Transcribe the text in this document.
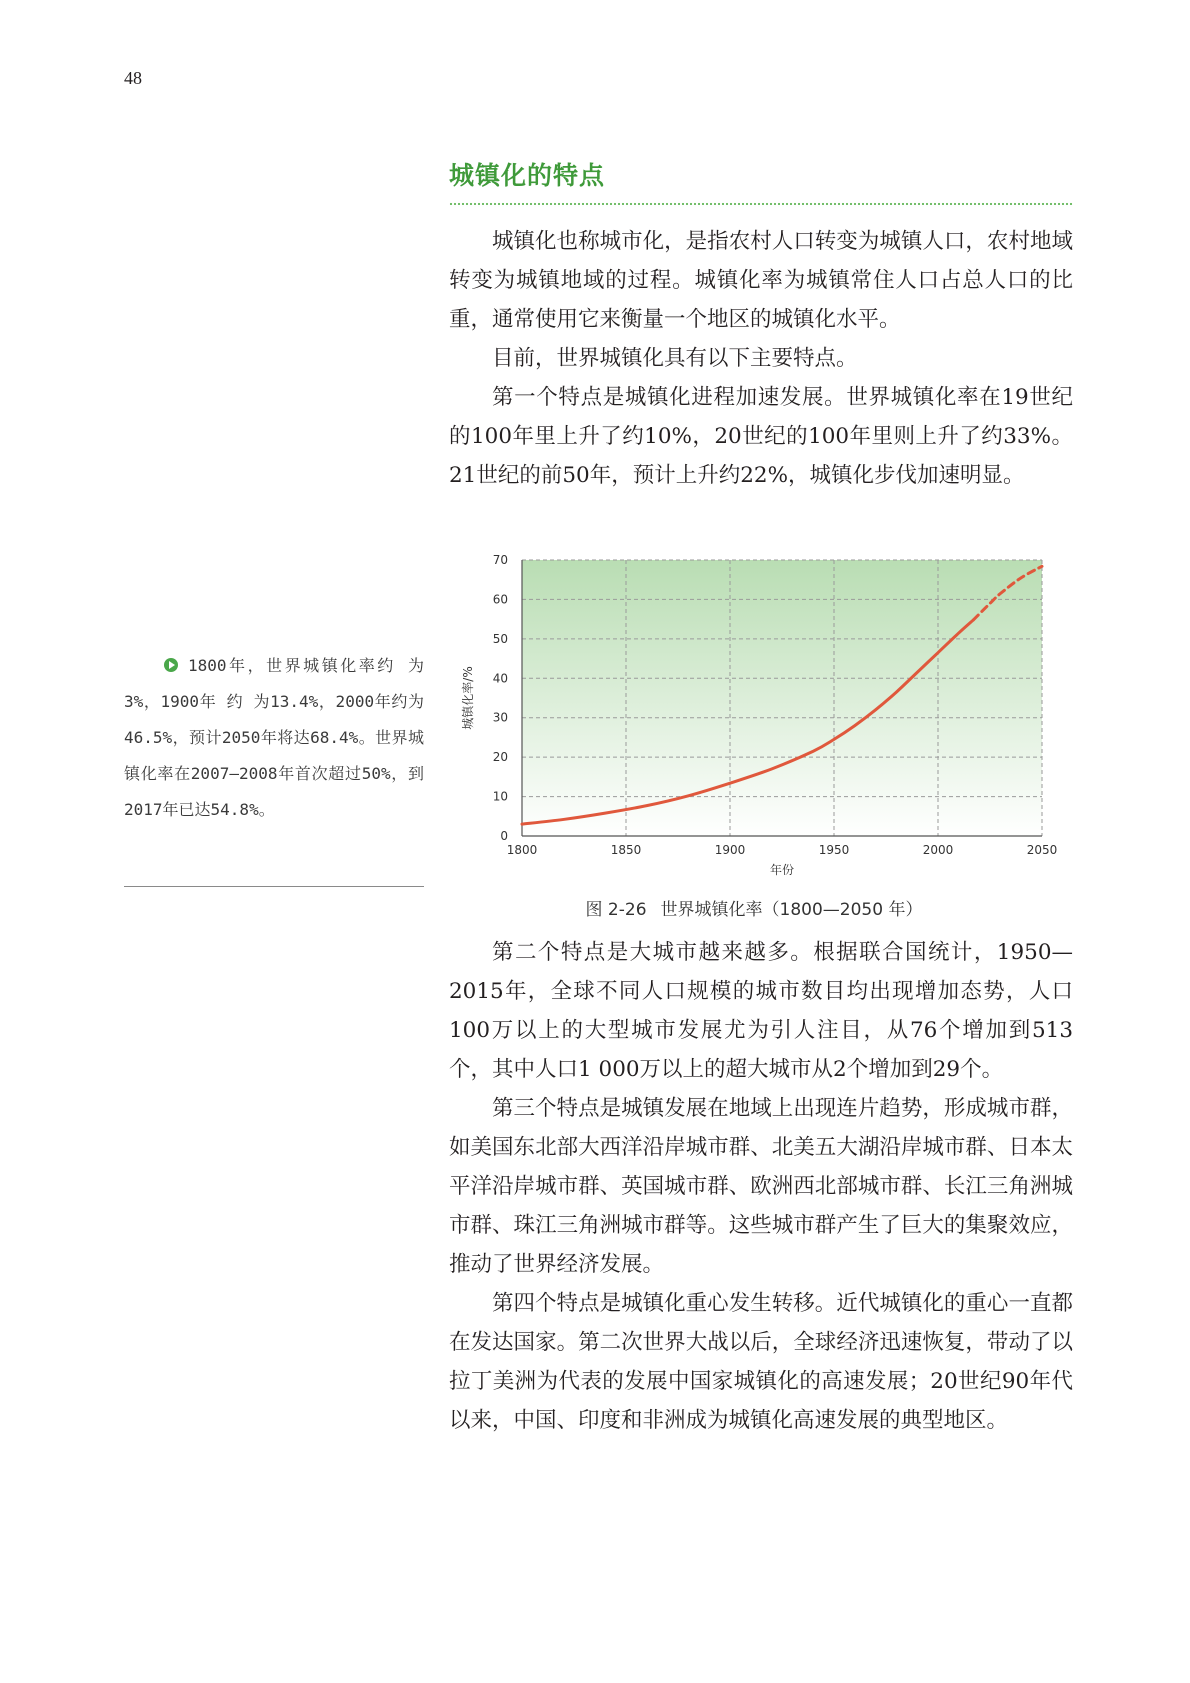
48
城镇化的特点

城镇化也称城市化，是指农村人口转变为城镇人口，农村地域转变为城镇地域的过程。城镇化率为城镇常住人口占总人口的比重，通常使用它来衡量一个地区的城镇化水平。

目前，世界城镇化具有以下主要特点。

第一个特点是城镇化进程加速发展。世界城镇化率在19世纪的100年里上升了约10%，20世纪的100年里则上升了约33%。21世纪的前50年，预计上升约22%，城镇化步伐加速明显。

1800年，世界城镇化率约 为3%，1900年 约 为13.4%，2000年约为46.5%，预计2050年将达68.4%。世界城镇化率在2007—2008年首次超过50%，到2017年已达54.8%。
0
10
20
30
40
50
60
70
1800	1850	1900	1950	2000	2050
年份
城镇化率/%
图 2-26 世界城镇化率（1800—2050 年）

第二个特点是大城市越来越多。根据联合国统计，1950—2015年，全球不同人口规模的城市数目均出现增加态势，人口100万以上的大型城市发展尤为引人注目，从76个增加到513个，其中人口1 000万以上的超大城市从2个增加到29个。

第三个特点是城镇发展在地域上出现连片趋势，形成城市群，如美国东北部大西洋沿岸城市群、北美五大湖沿岸城市群、日本太平洋沿岸城市群、英国城市群、欧洲西北部城市群、长江三角洲城市群、珠江三角洲城市群等。这些城市群产生了巨大的集聚效应，推动了世界经济发展。

第四个特点是城镇化重心发生转移。近代城镇化的重心一直都在发达国家。第二次世界大战以后，全球经济迅速恢复，带动了以拉丁美洲为代表的发展中国家城镇化的高速发展；20世纪90年代以来，中国、印度和非洲成为城镇化高速发展的典型地区。
